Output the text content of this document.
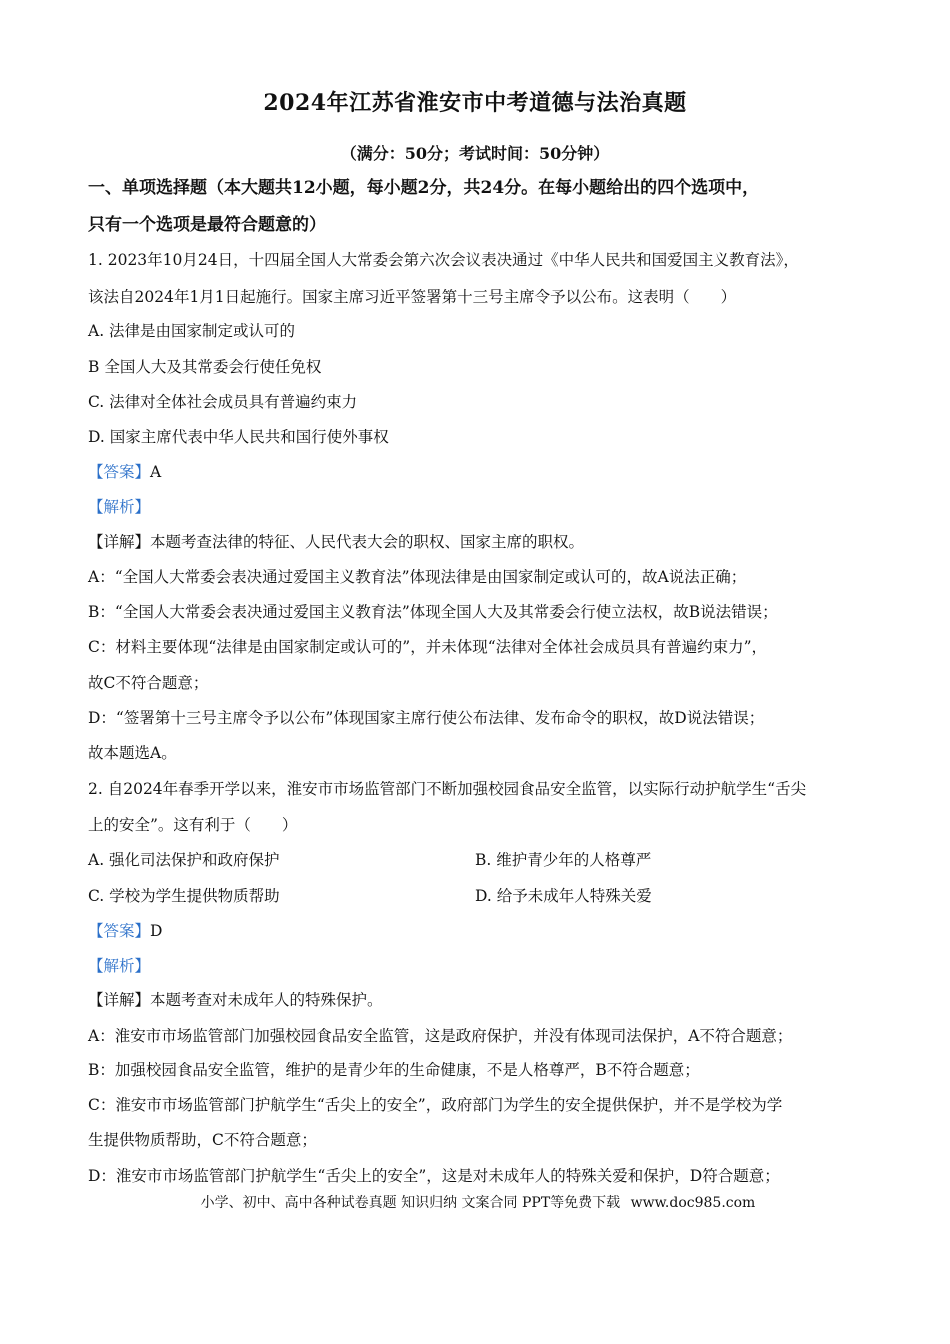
2024年江苏省淮安市中考道德与法治真题
（满分：50分；考试时间：50分钟）
一、单项选择题（本大题共12小题，每小题2分，共24分。在每小题给出的四个选项中，
只有一个选项是最符合题意的）
1. 2023年10月24日，十四届全国人大常委会第六次会议表决通过《中华人民共和国爱国主义教育法》，
该法自2024年1月1日起施行。国家主席习近平签署第十三号主席令予以公布。这表明（　　）
A. 法律是由国家制定或认可的
B 全国人大及其常委会行使任免权
C. 法律对全体社会成员具有普遍约束力
D. 国家主席代表中华人民共和国行使外事权
【答案】A
【解析】
【详解】本题考查法律的特征、人民代表大会的职权、国家主席的职权。
A：“全国人大常委会表决通过爱国主义教育法”体现法律是由国家制定或认可的，故A说法正确；
B：“全国人大常委会表决通过爱国主义教育法”体现全国人大及其常委会行使立法权，故B说法错误；
C：材料主要体现“法律是由国家制定或认可的”，并未体现“法律对全体社会成员具有普遍约束力”，
故C不符合题意；
D：“签署第十三号主席令予以公布”体现国家主席行使公布法律、发布命令的职权，故D说法错误；
故本题选A。
2. 自2024年春季开学以来，淮安市市场监管部门不断加强校园食品安全监管，以实际行动护航学生“舌尖
上的安全”。这有利于（　　）
A. 强化司法保护和政府保护	B. 维护青少年的人格尊严
C. 学校为学生提供物质帮助	D. 给予未成年人特殊关爱
【答案】D
【解析】
【详解】本题考查对未成年人的特殊保护。
A：淮安市市场监管部门加强校园食品安全监管，这是政府保护，并没有体现司法保护，A不符合题意；
B：加强校园食品安全监管，维护的是青少年的生命健康，不是人格尊严，B不符合题意；
C：淮安市市场监管部门护航学生“舌尖上的安全”，政府部门为学生的安全提供保护，并不是学校为学
生提供物质帮助，C不符合题意；
D：淮安市市场监管部门护航学生“舌尖上的安全”，这是对未成年人的特殊关爱和保护，D符合题意；
小学、初中、高中各种试卷真题 知识归纳 文案合同 PPT等免费下载 www.doc985.com
